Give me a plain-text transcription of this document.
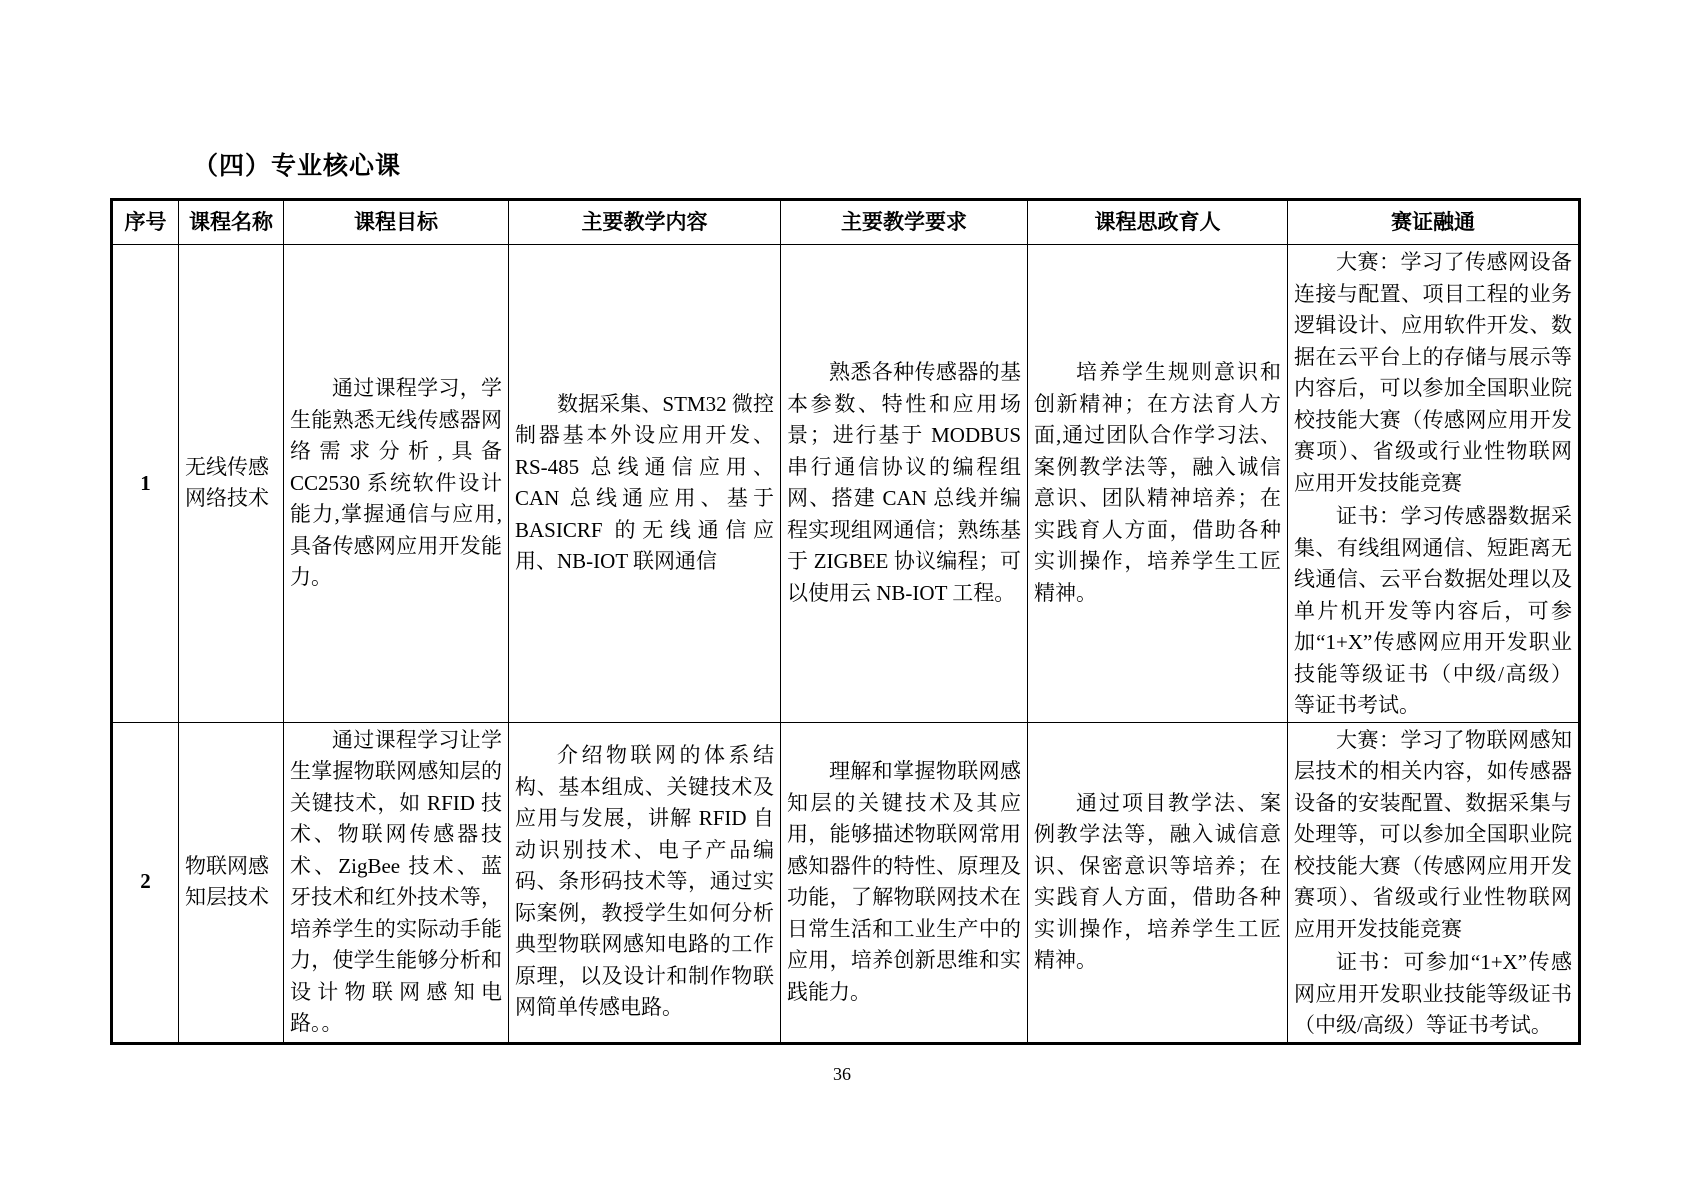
（四）专业核心课
序号	课程名称	课程目标	主要教学内容	主要教学要求	课程思政育人	赛证融通
1	无线传感网络技术	通过课程学习，学生能熟悉无线传感器网络需求分析,具备 CC2530 系统软件设计能力,掌握通信与应用,具备传感网应用开发能力。	数据采集、STM32 微控制器基本外设应用开发、RS-485 总线通信应用、CAN 总线通应用、基于 BASICRF 的无线通信应用、NB-IOT 联网通信	熟悉各种传感器的基本参数、特性和应用场景；进行基于 MODBUS 串行通信协议的编程组网、搭建 CAN 总线并编程实现组网通信；熟练基于 ZIGBEE 协议编程；可以使用云 NB-IOT 工程。	培养学生规则意识和创新精神；在方法育人方面,通过团队合作学习法、案例教学法等，融入诚信意识、团队精神培养；在实践育人方面，借助各种实训操作，培养学生工匠精神。	大赛：学习了传感网设备连接与配置、项目工程的业务逻辑设计、应用软件开发、数据在云平台上的存储与展示等内容后，可以参加全国职业院校技能大赛（传感网应用开发赛项）、省级或行业性物联网应用开发技能竞赛

证书：学习传感器数据采集、有线组网通信、短距离无线通信、云平台数据处理以及单片机开发等内容后，可参加“1+X”传感网应用开发职业技能等级证书（中级/高级）等证书考试。

2	物联网感知层技术	通过课程学习让学生掌握物联网感知层的关键技术，如 RFID 技术、物联网传感器技术、ZigBee 技术、蓝牙技术和红外技术等，培养学生的实际动手能力，使学生能够分析和设计物联网感知电路。。	介绍物联网的体系结构、基本组成、关键技术及应用与发展，讲解 RFID 自动识别技术、电子产品编码、条形码技术等，通过实际案例，教授学生如何分析典型物联网感知电路的工作原理，以及设计和制作物联网简单传感电路。	理解和掌握物联网感知层的关键技术及其应用，能够描述物联网常用感知器件的特性、原理及功能，了解物联网技术在日常生活和工业生产中的应用，培养创新思维和实践能力。	通过项目教学法、案例教学法等，融入诚信意识、保密意识等培养；在实践育人方面，借助各种实训操作，培养学生工匠精神。	大赛：学习了物联网感知层技术的相关内容，如传感器设备的安装配置、数据采集与处理等，可以参加全国职业院校技能大赛（传感网应用开发赛项）、省级或行业性物联网应用开发技能竞赛

证书：可参加“1+X”传感网应用开发职业技能等级证书（中级/高级）等证书考试。

36
